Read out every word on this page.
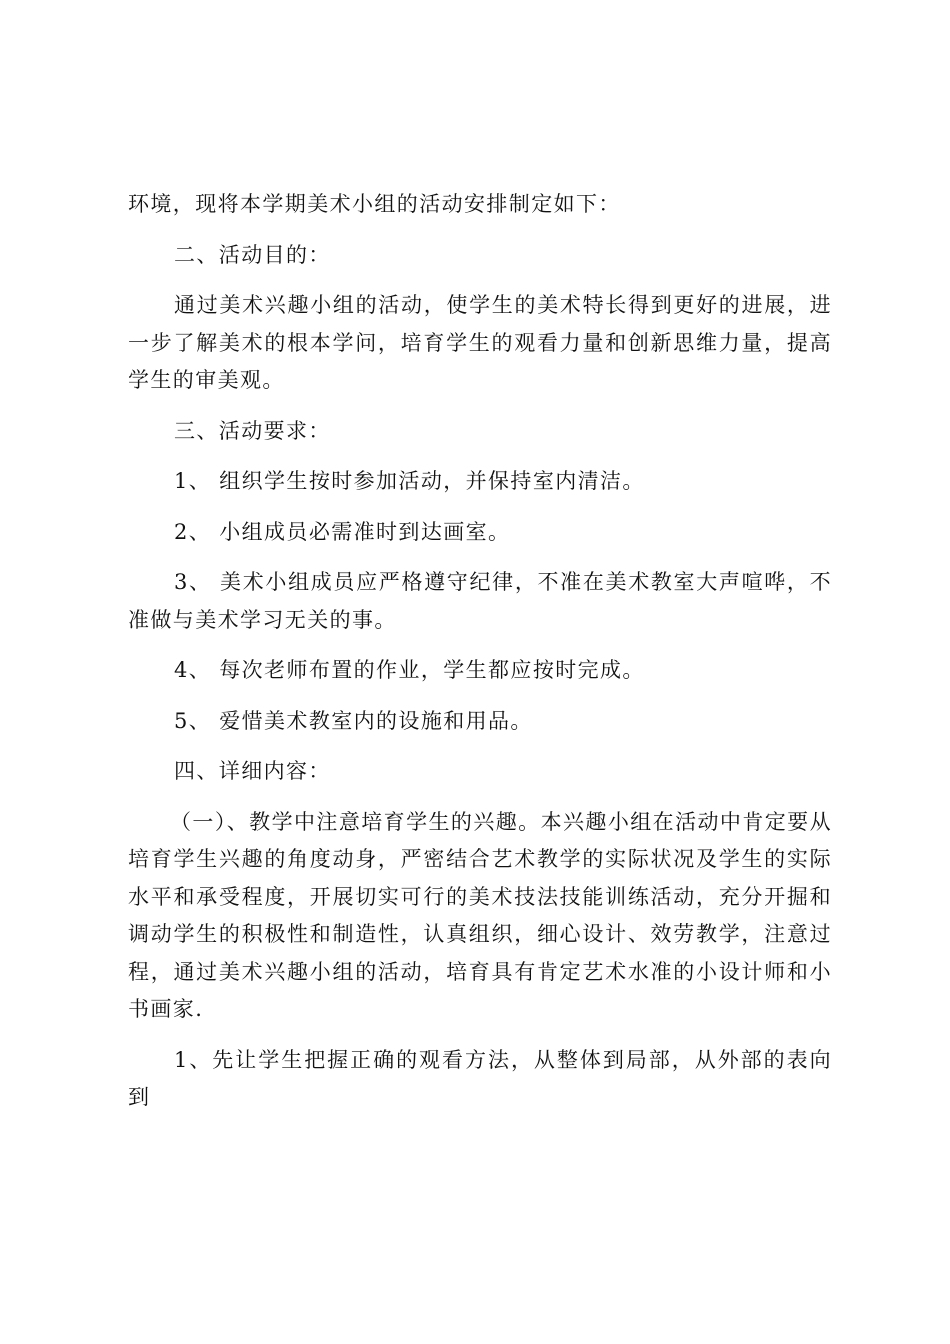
环境，现将本学期美术小组的活动安排制定如下：

二、活动目的：

通过美术兴趣小组的活动，使学生的美术特长得到更好的进展，进一步了解美术的根本学问，培育学生的观看力量和创新思维力量，提高学生的审美观。

三、活动要求：

1、 组织学生按时参加活动，并保持室内清洁。

2、 小组成员必需准时到达画室。

3、 美术小组成员应严格遵守纪律，不准在美术教室大声喧哗，不准做与美术学习无关的事。

4、 每次老师布置的作业，学生都应按时完成。

5、 爱惜美术教室内的设施和用品。

四、详细内容：

（一）、教学中注意培育学生的兴趣。本兴趣小组在活动中肯定要从培育学生兴趣的角度动身，严密结合艺术教学的实际状况及学生的实际水平和承受程度，开展切实可行的美术技法技能训练活动，充分开掘和调动学生的积极性和制造性，认真组织，细心设计、效劳教学，注意过程，通过美术兴趣小组的活动，培育具有肯定艺术水准的小设计师和小书画家.

1、先让学生把握正确的观看方法，从整体到局部，从外部的表向到
